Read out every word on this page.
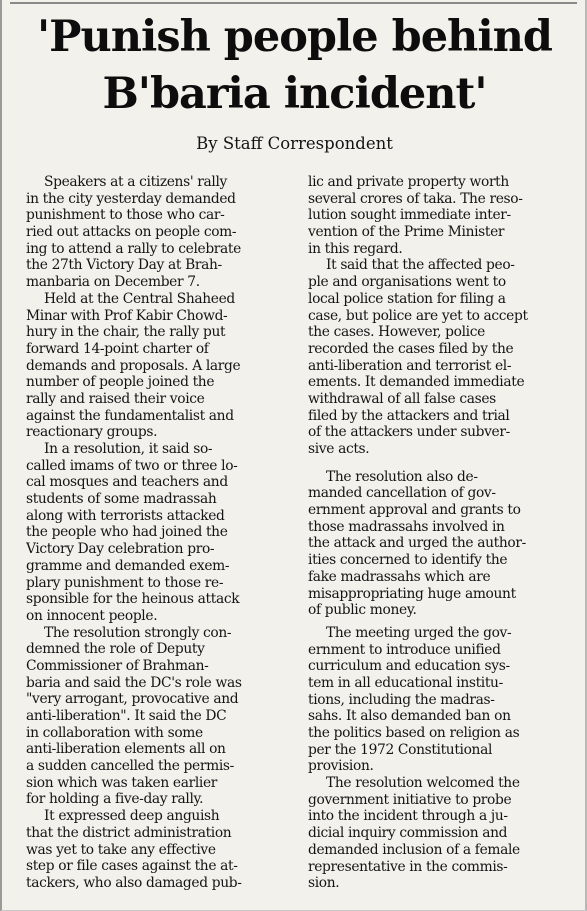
'Punish people behind
B'baria incident'
By Staff Correspondent
Speakers at a citizens' rally
in the city yesterday demanded
punishment to those who car-
ried out attacks on people com-
ing to attend a rally to celebrate
the 27th Victory Day at Brah-
manbaria on December 7.
Held at the Central Shaheed
Minar with Prof Kabir Chowd-
hury in the chair, the rally put
forward 14-point charter of
demands and proposals. A large
number of people joined the
rally and raised their voice
against the fundamentalist and
reactionary groups.
In a resolution, it said so-
called imams of two or three lo-
cal mosques and teachers and
students of some madrassah
along with terrorists attacked
the people who had joined the
Victory Day celebration pro-
gramme and demanded exem-
plary punishment to those re-
sponsible for the heinous attack
on innocent people.
The resolution strongly con-
demned the role of Deputy
Commissioner of Brahman-
baria and said the DC's role was
"very arrogant, provocative and
anti-liberation". It said the DC
in collaboration with some
anti-liberation elements all on
a sudden cancelled the permis-
sion which was taken earlier
for holding a five-day rally.
It expressed deep anguish
that the district administration
was yet to take any effective
step or file cases against the at-
tackers, who also damaged pub-
lic and private property worth
several crores of taka. The reso-
lution sought immediate inter-
vention of the Prime Minister
in this regard.
It said that the affected peo-
ple and organisations went to
local police station for filing a
case, but police are yet to accept
the cases. However, police
recorded the cases filed by the
anti-liberation and terrorist el-
ements. It demanded immediate
withdrawal of all false cases
filed by the attackers and trial
of the attackers under subver-
sive acts.
The resolution also de-
manded cancellation of gov-
ernment approval and grants to
those madrassahs involved in
the attack and urged the author-
ities concerned to identify the
fake madrassahs which are
misappropriating huge amount
of public money.
The meeting urged the gov-
ernment to introduce unified
curriculum and education sys-
tem in all educational institu-
tions, including the madras-
sahs. It also demanded ban on
the politics based on religion as
per the 1972 Constitutional
provision.
The resolution welcomed the
government initiative to probe
into the incident through a ju-
dicial inquiry commission and
demanded inclusion of a female
representative in the commis-
sion.
